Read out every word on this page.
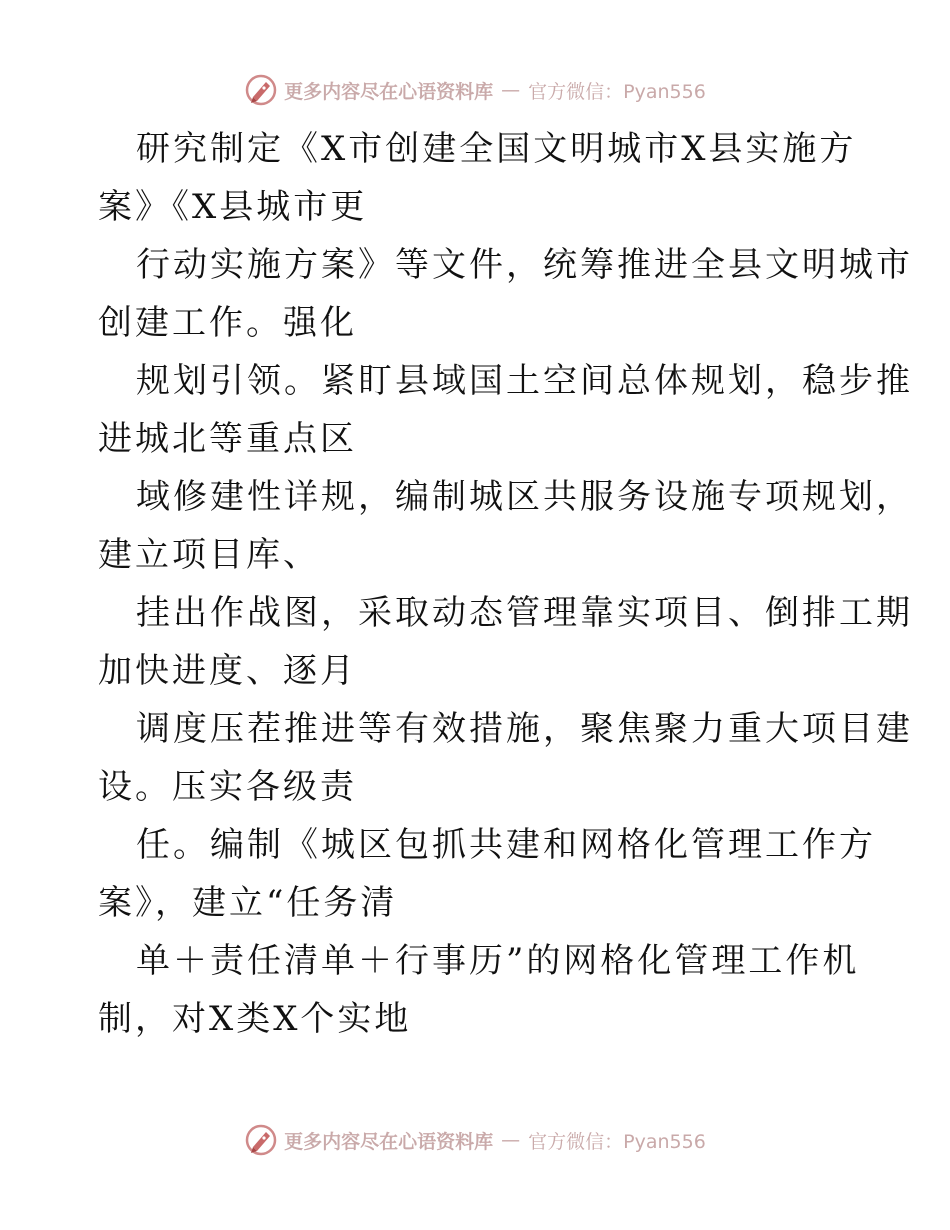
更多内容尽在心语资料库 — 官方微信：Pyan556
研究制定《X市创建全国文明城市X县实施方
案》《X县城市更
行动实施方案》等文件，统筹推进全县文明城市
创建工作。强化
规划引领。紧盯县域国土空间总体规划，稳步推
进城北等重点区
域修建性详规，编制城区共服务设施专项规划，
建立项目库、
挂出作战图，采取动态管理靠实项目、倒排工期
加快进度、逐月
调度压茬推进等有效措施，聚焦聚力重大项目建
设。压实各级责
任。编制《城区包抓共建和网格化管理工作方
案》，建立“任务清
单＋责任清单＋行事历”的网格化管理工作机
制，对X类X个实地
更多内容尽在心语资料库 — 官方微信：Pyan556
